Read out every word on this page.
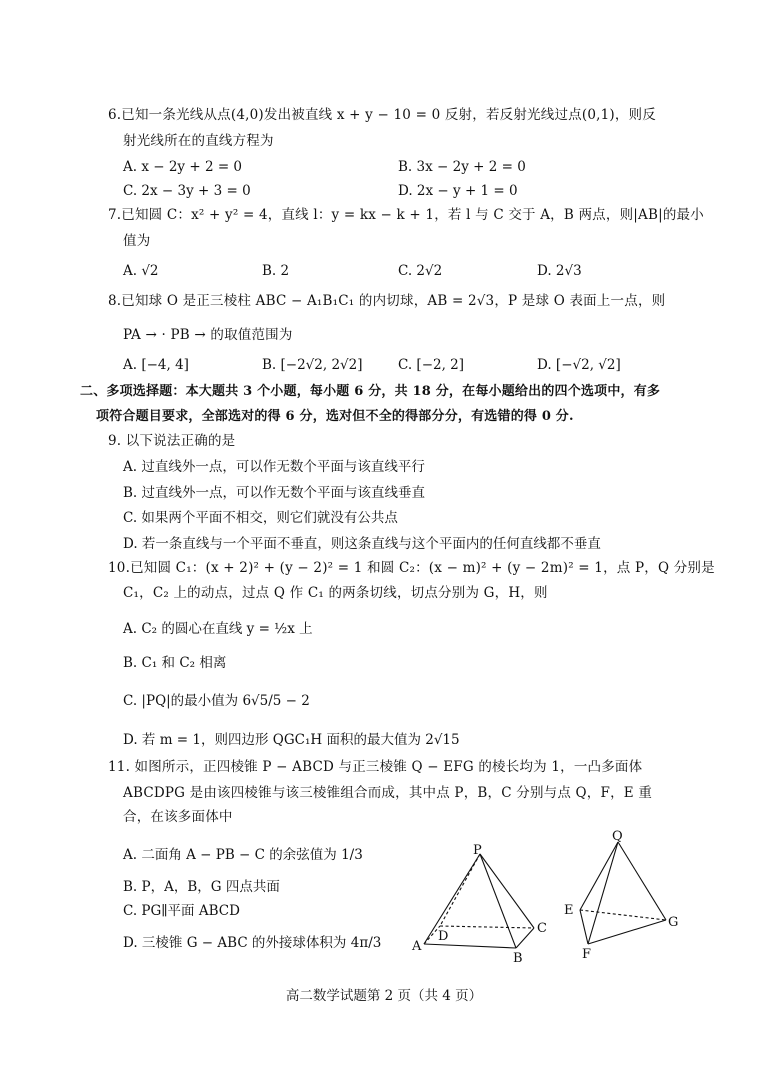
6.已知一条光线从点(4,0)发出被直线 x + y − 10 = 0 反射，若反射光线过点(0,1)，则反
射光线所在的直线方程为
A. x − 2y + 2 = 0	B. 3x − 2y + 2 = 0
C. 2x − 3y + 3 = 0	D. 2x − y + 1 = 0
7.已知圆 C：x² + y² = 4，直线 l：y = kx − k + 1，若 l 与 C 交于 A，B 两点，则|AB|的最小
值为
A. √2	B. 2	C. 2√2	D. 2√3
8.已知球 O 是正三棱柱 ABC − A₁B₁C₁ 的内切球，AB = 2√3，P 是球 O 表面上一点，则
PA → · PB → 的取值范围为
A. [−4, 4]	B. [−2√2, 2√2]	C. [−2, 2]	D. [−√2, √2]
二、多项选择题：本大题共 3 个小题，每小题 6 分，共 18 分，在每小题给出的四个选项中，有多
项符合题目要求，全部选对的得 6 分，选对但不全的得部分分，有选错的得 0 分.
9. 以下说法正确的是
A. 过直线外一点，可以作无数个平面与该直线平行
B. 过直线外一点，可以作无数个平面与该直线垂直
C. 如果两个平面不相交，则它们就没有公共点
D. 若一条直线与一个平面不垂直，则这条直线与这个平面内的任何直线都不垂直
10.已知圆 C₁：(x + 2)² + (y − 2)² = 1 和圆 C₂：(x − m)² + (y − 2m)² = 1，点 P，Q 分别是
C₁，C₂ 上的动点，过点 Q 作 C₁ 的两条切线，切点分别为 G，H，则
A. C₂ 的圆心在直线 y = ½x 上
B. C₁ 和 C₂ 相离
C. |PQ|的最小值为 6√5/5 − 2
D. 若 m = 1，则四边形 QGC₁H 面积的最大值为 2√15
11. 如图所示，正四棱锥 P − ABCD 与正三棱锥 Q − EFG 的棱长均为 1，一凸多面体
ABCDPG 是由该四棱锥与该三棱锥组合而成，其中点 P，B，C 分别与点 Q，F，E 重
合，在该多面体中
A. 二面角 A − PB − C 的余弦值为 1/3
B. P，A，B，G 四点共面
C. PG∥平面 ABCD
D. 三棱锥 G − ABC 的外接球体积为 4π/3
P
A
B
C
D
Q
E
F
G
高二数学试题第 2 页（共 4 页）
